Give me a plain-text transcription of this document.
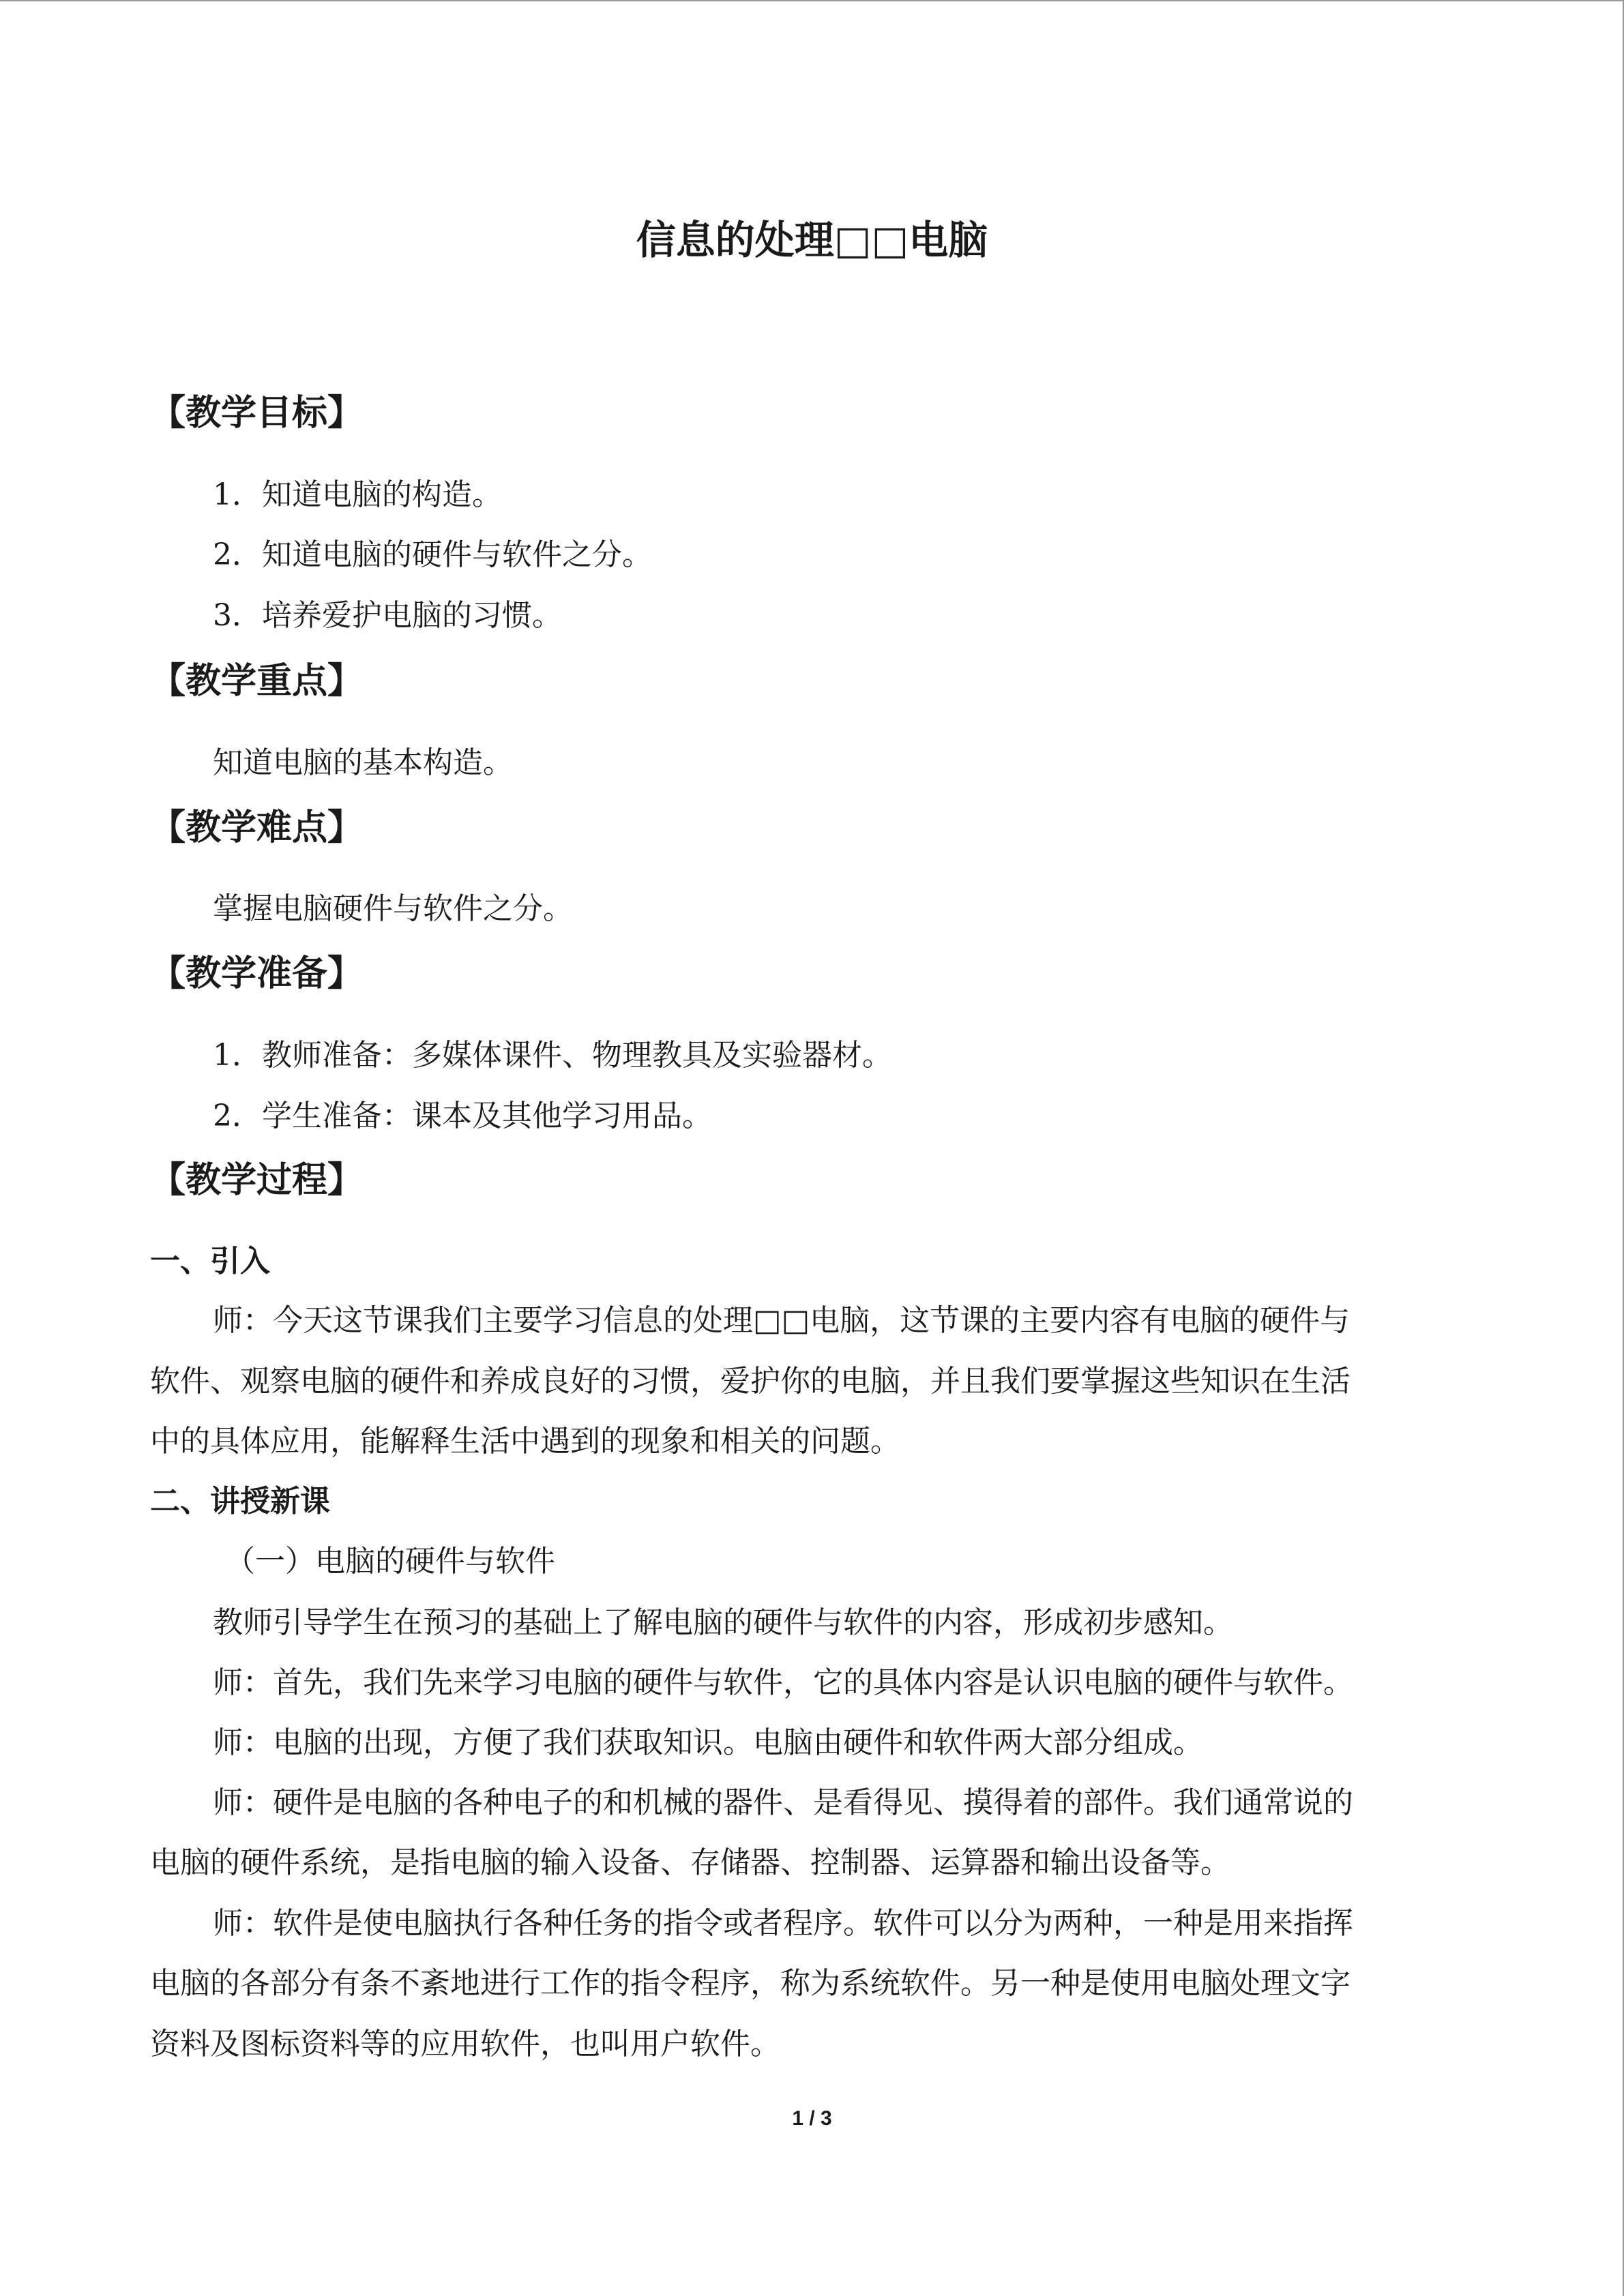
信息的处理□□电脑
【教学目标】
1．知道电脑的构造。
2．知道电脑的硬件与软件之分。
3．培养爱护电脑的习惯。
【教学重点】
知道电脑的基本构造。
【教学难点】
掌握电脑硬件与软件之分。
【教学准备】
1．教师准备：多媒体课件、物理教具及实验器材。
2．学生准备：课本及其他学习用品。
【教学过程】
一、引入
师：今天这节课我们主要学习信息的处理□□电脑，这节课的主要内容有电脑的硬件与
软件、观察电脑的硬件和养成良好的习惯，爱护你的电脑，并且我们要掌握这些知识在生活
中的具体应用，能解释生活中遇到的现象和相关的问题。
二、讲授新课
（一）电脑的硬件与软件
教师引导学生在预习的基础上了解电脑的硬件与软件的内容，形成初步感知。
师：首先，我们先来学习电脑的硬件与软件，它的具体内容是认识电脑的硬件与软件。
师：电脑的出现，方便了我们获取知识。电脑由硬件和软件两大部分组成。
师：硬件是电脑的各种电子的和机械的器件、是看得见、摸得着的部件。我们通常说的
电脑的硬件系统，是指电脑的输入设备、存储器、控制器、运算器和输出设备等。
师：软件是使电脑执行各种任务的指令或者程序。软件可以分为两种，一种是用来指挥
电脑的各部分有条不紊地进行工作的指令程序，称为系统软件。另一种是使用电脑处理文字
资料及图标资料等的应用软件，也叫用户软件。
1 / 3
